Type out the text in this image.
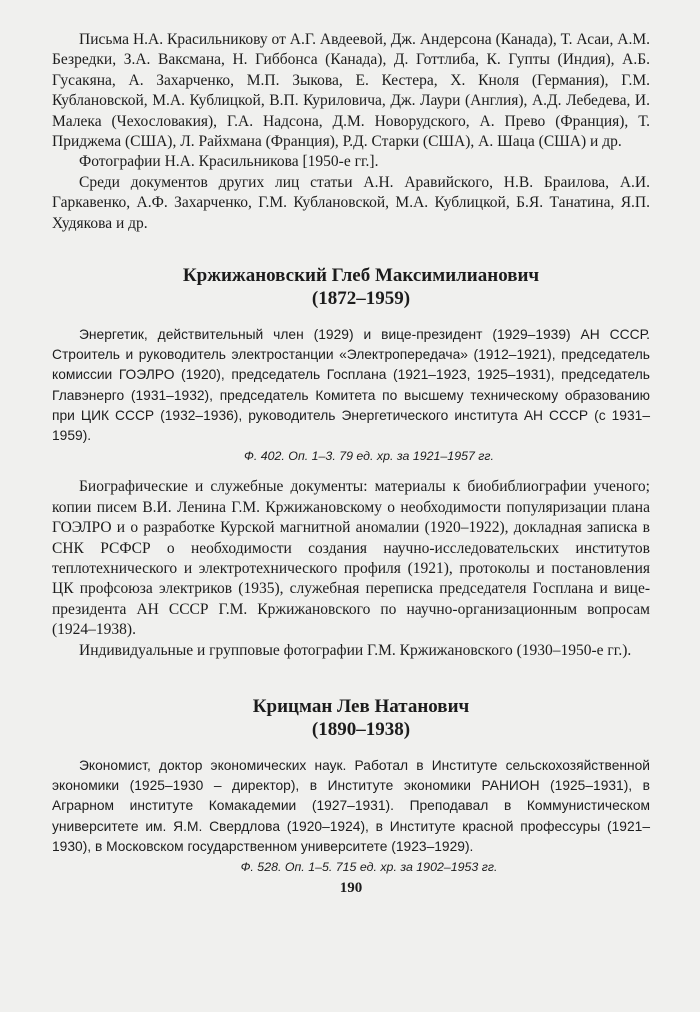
Письма Н.А. Красильникову от А.Г. Авдеевой, Дж. Андерсона (Канада), Т. Асаи, А.М. Безредки, З.А. Ваксмана, Н. Гиббонса (Канада), Д. Готтлиба, К. Гупты (Индия), А.Б. Гусакяна, А. Захарченко, М.П. Зыкова, Е. Кестера, Х. Кноля (Германия), Г.М. Кублановской, М.А. Кублицкой, В.П. Куриловича, Дж. Лаури (Англия), А.Д. Лебедева, И. Малека (Чехословакия), Г.А. Надсона, Д.М. Новорудского, А. Прево (Франция), Т. Приджема (США), Л. Райхмана (Франция), Р.Д. Старки (США), А. Шаца (США) и др.

Фотографии Н.А. Красильникова [1950-е гг.].

Среди документов других лиц статьи А.Н. Аравийского, Н.В. Браилова, А.И. Гаркавенко, А.Ф. Захарченко, Г.М. Кублановской, М.А. Кублицкой, Б.Я. Танатина, Я.П. Худякова и др.

Кржижановский Глеб Максимилианович
(1872–1959)

Энергетик, действительный член (1929) и вице-президент (1929–1939) АН СССР. Строитель и руководитель электростанции «Электропередача» (1912–1921), председатель комиссии ГОЭЛРО (1920), председатель Госплана (1921–1923, 1925–1931), председатель Главэнерго (1931–1932), председатель Комитета по высшему техническому образованию при ЦИК СССР (1932–1936), руководитель Энергетического института АН СССР (с 1931–1959).

Ф. 402. Оп. 1–3. 79 ед. хр. за 1921–1957 гг.

Биографические и служебные документы: материалы к биобиблиографии ученого; копии писем В.И. Ленина Г.М. Кржижановскому о необходимости популяризации плана ГОЭЛРО и о разработке Курской магнитной аномалии (1920–1922), докладная записка в СНК РСФСР о необходимости создания научно-исследовательских институтов теплотехнического и электротехнического профиля (1921), протоколы и постановления ЦК профсоюза электриков (1935), служебная переписка председателя Госплана и вице-президента АН СССР Г.М. Кржижановского по научно-организационным вопросам (1924–1938).

Индивидуальные и групповые фотографии Г.М. Кржижановского (1930–1950-е гг.).

Крицман Лев Натанович
(1890–1938)

Экономист, доктор экономических наук. Работал в Институте сельскохозяйственной экономики (1925–1930 – директор), в Институте экономики РАНИОН (1925–1931), в Аграрном институте Комакадемии (1927–1931). Преподавал в Коммунистическом университете им. Я.М. Свердлова (1920–1924), в Институте красной профессуры (1921–1930), в Московском государственном университете (1923–1929).

Ф. 528. Оп. 1–5. 715 ед. хр. за 1902–1953 гг.

190
